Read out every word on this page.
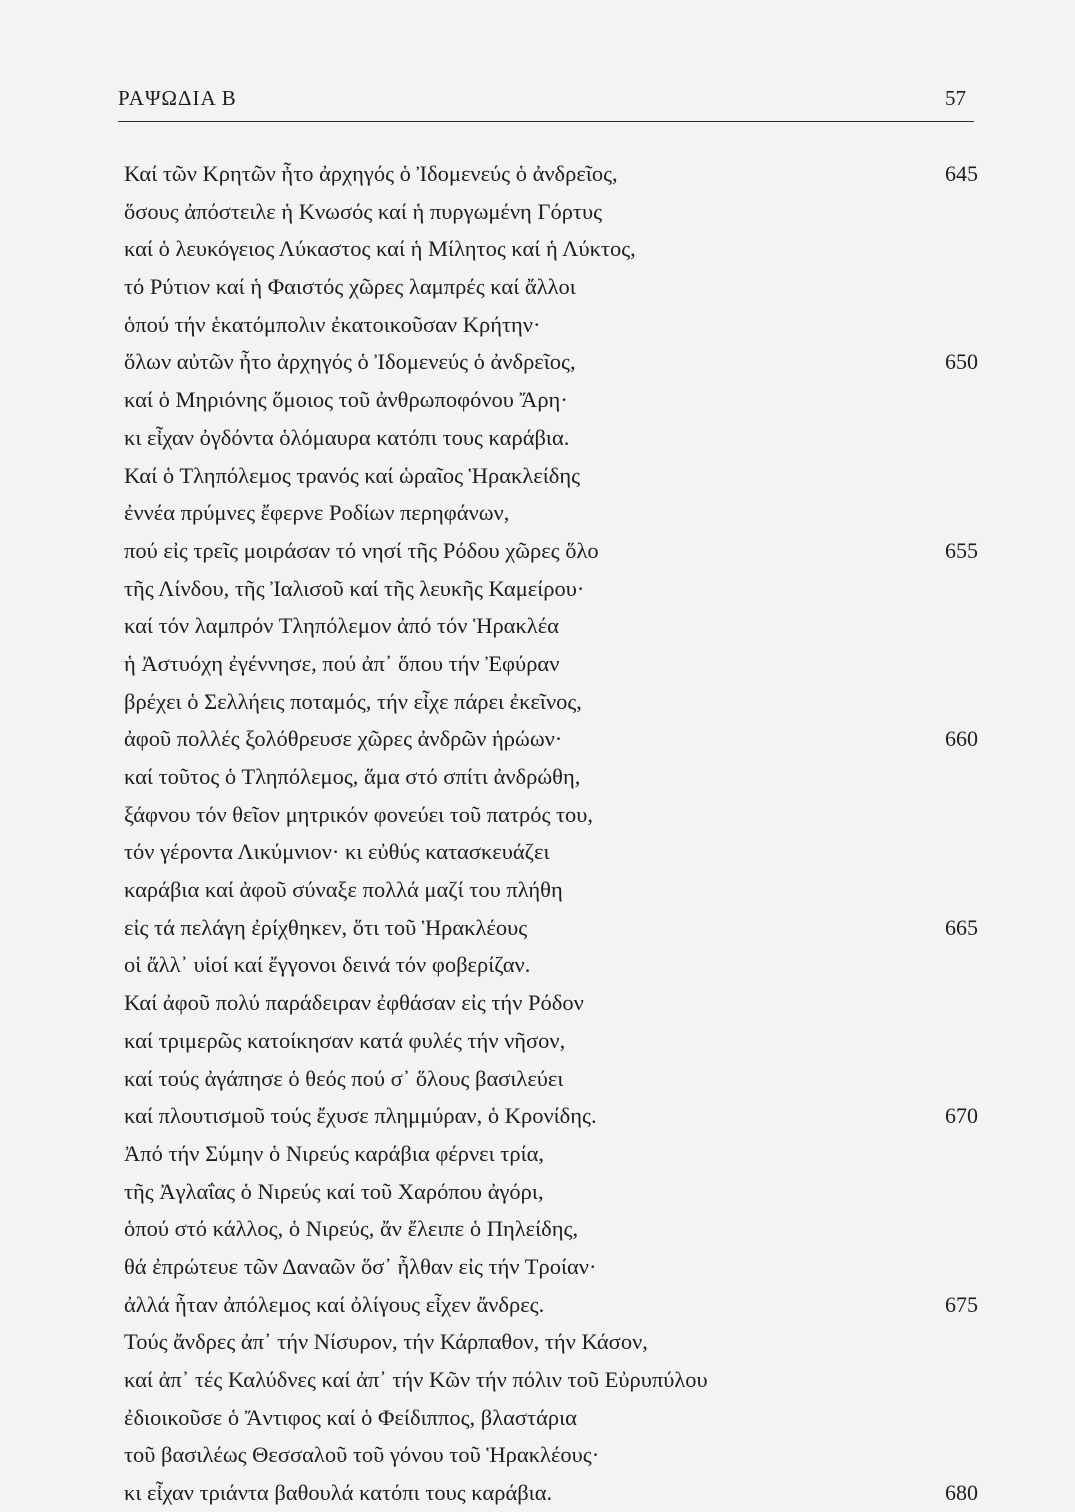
ΡΑΨΩΔΙΑ Β	57
Καί τῶν Κρητῶν ἦτο ἀρχηγός ὁ Ἰδομενεύς ὁ ἀνδρεῖος,	645
ὅσους ἀπόστειλε ἡ Κνωσός καί ἡ πυργωμένη Γόρτυς
καί ὁ λευκόγειος Λύκαστος καί ἡ Μίλητος καί ἡ Λύκτος,
τό Ρύτιον καί ἡ Φαιστός χῶρες λαμπρές καί ἄλλοι
ὁπού τήν ἑκατόμπολιν ἐκατοικοῦσαν Κρήτην·
ὅλων αὐτῶν ἦτο ἀρχηγός ὁ Ἰδομενεύς ὁ ἀνδρεῖος,	650
καί ὁ Μηριόνης ὅμοιος τοῦ ἀνθρωποφόνου Ἄρη·
κι εἶχαν ὀγδόντα ὁλόμαυρα κατόπι τους καράβια.
Καί ὁ Τληπόλεμος τρανός καί ὡραῖος Ἡρακλείδης
ἐννέα πρύμνες ἔφερνε Ροδίων περηφάνων,
πού εἰς τρεῖς μοιράσαν τό νησί τῆς Ρόδου χῶρες ὅλο	655
τῆς Λίνδου, τῆς Ἰαλισοῦ καί τῆς λευκῆς Καμείρου·
καί τόν λαμπρόν Τληπόλεμον ἀπό τόν Ἡρακλέα
ἡ Ἀστυόχη ἐγέννησε, πού ἀπ᾿ ὅπου τήν Ἐφύραν
βρέχει ὁ Σελλήεις ποταμός, τήν εἶχε πάρει ἐκεῖνος,
ἀφοῦ πολλές ξολόθρευσε χῶρες ἀνδρῶν ἡρώων·	660
καί τοῦτος ὁ Τληπόλεμος, ἅμα στό σπίτι ἀνδρώθη,
ξάφνου τόν θεῖον μητρικόν φονεύει τοῦ πατρός του,
τόν γέροντα Λικύμνιον· κι εὐθύς κατασκευάζει
καράβια καί ἀφοῦ σύναξε πολλά μαζί του πλήθη
εἰς τά πελάγη ἐρίχθηκεν, ὅτι τοῦ Ἡρακλέους	665
οἱ ἄλλ᾿ υἱοί καί ἔγγονοι δεινά τόν φοβερίζαν.
Καί ἀφοῦ πολύ παράδειραν ἐφθάσαν εἰς τήν Ρόδον
καί τριμερῶς κατοίκησαν κατά φυλές τήν νῆσον,
καί τούς ἀγάπησε ὁ θεός πού σ᾿ ὅλους βασιλεύει
καί πλουτισμοῦ τούς ἔχυσε πλημμύραν, ὁ Κρονίδης.	670
Ἀπό τήν Σύμην ὁ Νιρεύς καράβια φέρνει τρία,
τῆς Ἀγλαΐας ὁ Νιρεύς καί τοῦ Χαρόπου ἀγόρι,
ὁπού στό κάλλος, ὁ Νιρεύς, ἄν ἔλειπε ὁ Πηλείδης,
θά ἐπρώτευε τῶν Δαναῶν ὅσ᾿ ἦλθαν εἰς τήν Τροίαν·
ἀλλά ἦταν ἀπόλεμος καί ὀλίγους εἶχεν ἄνδρες.	675
Τούς ἄνδρες ἀπ᾿ τήν Νίσυρον, τήν Κάρπαθον, τήν Κάσον,
καί ἀπ᾿ τές Καλύδνες καί ἀπ᾿ τήν Κῶν τήν πόλιν τοῦ Εὐρυπύλου
ἐδιοικοῦσε ὁ Ἄντιφος καί ὁ Φείδιππος, βλαστάρια
τοῦ βασιλέως Θεσσαλοῦ τοῦ γόνου τοῦ Ἡρακλέους·
κι εἶχαν τριάντα βαθουλά κατόπι τους καράβια.	680
